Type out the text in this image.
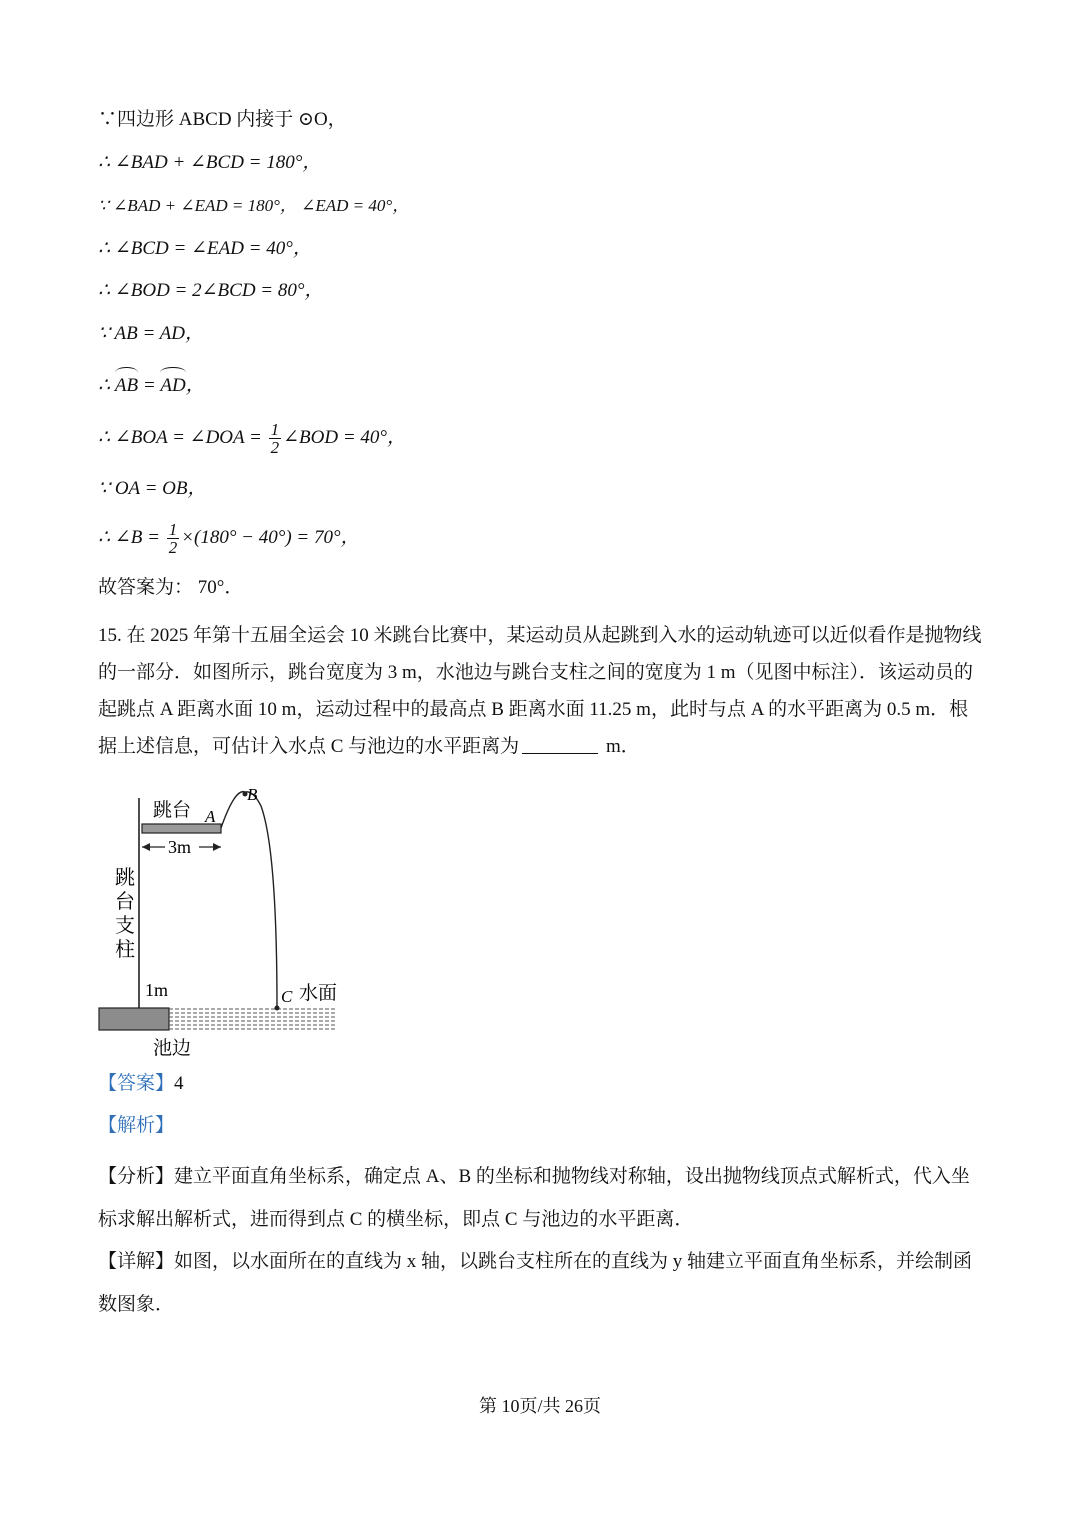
∵四边形 ABCD 内接于 ⊙O，
∴ ∠BAD + ∠BCD = 180°，
∵ ∠BAD + ∠EAD = 180°， ∠EAD = 40°，
∴ ∠BCD = ∠EAD = 40°，
∴ ∠BOD = 2∠BCD = 80°，
∵ AB = AD，
∴ AB = AD，
∴ ∠BOA = ∠DOA = $\frac{1}{2}$ ∠BOD = 40°，
∵ OA = OB，
∴ ∠B = $\frac{1}{2} \times(180^\circ - 40^\circ) = 70^\circ$，
故答案为： 70°．
15. 在 2025 年第十五届全运会 10 米跳台比赛中，某运动员从起跳到入水的运动轨迹可以近似看作是抛物线的一部分．如图所示，跳台宽度为 3 m，水池边与跳台支柱之间的宽度为 1 m（见图中标注）．该运动员的起跳点 A 距离水面 10 m，运动过程中的最高点 B 距离水面 11.25 m，此时与点 A 的水平距离为 0.5 m．根据上述信息，可估计入水点 C 与池边的水平距离为	m．
跳台 A
B
3m
跳
台
支
柱
1m	C 水面
池边
【答案】4
【解析】
【分析】建立平面直角坐标系，确定点 A、B 的坐标和抛物线对称轴，设出抛物线顶点式解析式，代入坐标求解出解析式，进而得到点 C 的横坐标，即点 C 与池边的水平距离．
【详解】如图，以水面所在的直线为 x 轴，以跳台支柱所在的直线为 y 轴建立平面直角坐标系，并绘制函数图象．
第 10页/共 26页
